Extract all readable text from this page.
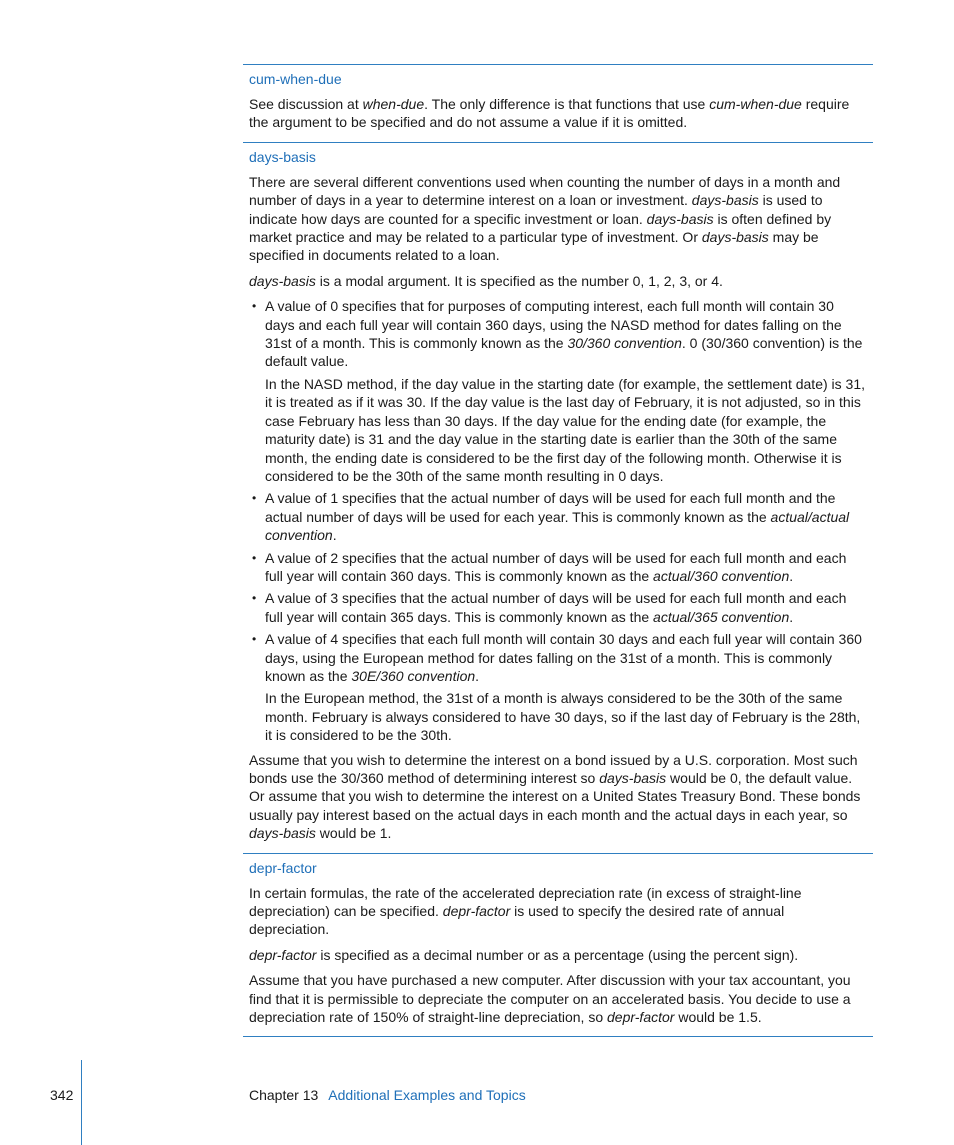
cum-when-due

See discussion at when-due. The only difference is that functions that use cum-when-due require the argument to be specified and do not assume a value if it is omitted.

days-basis

There are several different conventions used when counting the number of days in a month and number of days in a year to determine interest on a loan or investment. days-basis is used to indicate how days are counted for a specific investment or loan. days-basis is often defined by market practice and may be related to a particular type of investment. Or days-basis may be specified in documents related to a loan.

days-basis is a modal argument. It is specified as the number 0, 1, 2, 3, or 4.

• A value of 0 specifies that for purposes of computing interest, each full month will contain 30 days and each full year will contain 360 days, using the NASD method for dates falling on the 31st of a month. This is commonly known as the 30/360 convention. 0 (30/360 convention) is the default value.

In the NASD method, if the day value in the starting date (for example, the settlement date) is 31, it is treated as if it was 30. If the day value is the last day of February, it is not adjusted, so in this case February has less than 30 days. If the day value for the ending date (for example, the maturity date) is 31 and the day value in the starting date is earlier than the 30th of the same month, the ending date is considered to be the first day of the following month. Otherwise it is considered to be the 30th of the same month resulting in 0 days.

• A value of 1 specifies that the actual number of days will be used for each full month and the actual number of days will be used for each year. This is commonly known as the actual/actual convention.

• A value of 2 specifies that the actual number of days will be used for each full month and each full year will contain 360 days. This is commonly known as the actual/360 convention.

• A value of 3 specifies that the actual number of days will be used for each full month and each full year will contain 365 days. This is commonly known as the actual/365 convention.

• A value of 4 specifies that each full month will contain 30 days and each full year will contain 360 days, using the European method for dates falling on the 31st of a month. This is commonly known as the 30E/360 convention.

In the European method, the 31st of a month is always considered to be the 30th of the same month. February is always considered to have 30 days, so if the last day of February is the 28th, it is considered to be the 30th.

Assume that you wish to determine the interest on a bond issued by a U.S. corporation. Most such bonds use the 30/360 method of determining interest so days-basis would be 0, the default value. Or assume that you wish to determine the interest on a United States Treasury Bond. These bonds usually pay interest based on the actual days in each month and the actual days in each year, so days-basis would be 1.

depr-factor

In certain formulas, the rate of the accelerated depreciation rate (in excess of straight-line depreciation) can be specified. depr-factor is used to specify the desired rate of annual depreciation.

depr-factor is specified as a decimal number or as a percentage (using the percent sign).

Assume that you have purchased a new computer. After discussion with your tax accountant, you find that it is permissible to depreciate the computer on an accelerated basis. You decide to use a depreciation rate of 150% of straight-line depreciation, so depr-factor would be 1.5.

342	Chapter 13 Additional Examples and Topics
